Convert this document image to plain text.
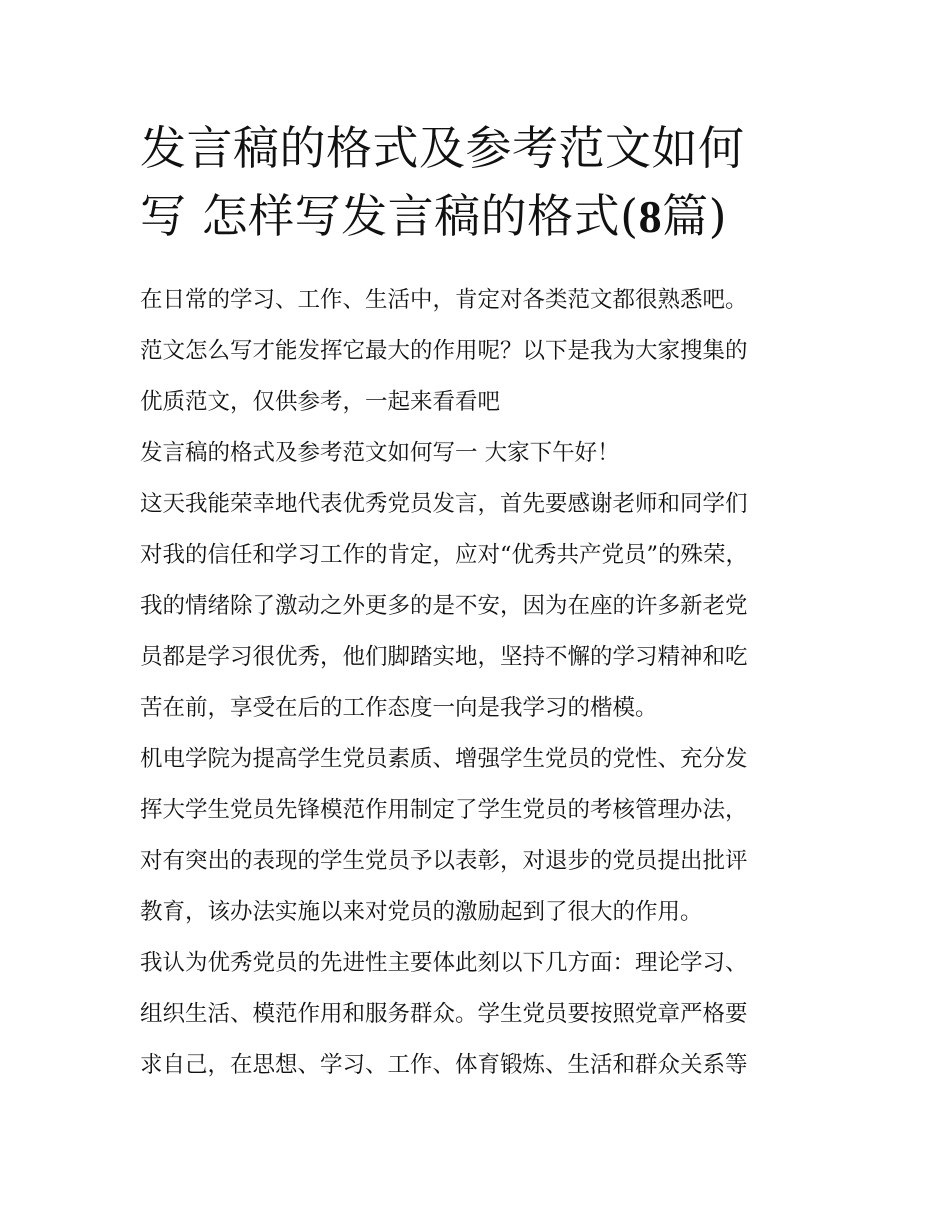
发言稿的格式及参考范文如何
写 怎样写发言稿的格式(8篇)
在日常的学习、工作、生活中，肯定对各类范文都很熟悉吧。
范文怎么写才能发挥它最大的作用呢？以下是我为大家搜集的
优质范文，仅供参考，一起来看看吧
发言稿的格式及参考范文如何写一 大家下午好！
这天我能荣幸地代表优秀党员发言，首先要感谢老师和同学们
对我的信任和学习工作的肯定，应对“优秀共产党员”的殊荣，
我的情绪除了激动之外更多的是不安，因为在座的许多新老党
员都是学习很优秀，他们脚踏实地，坚持不懈的学习精神和吃
苦在前，享受在后的工作态度一向是我学习的楷模。
机电学院为提高学生党员素质、增强学生党员的党性、充分发
挥大学生党员先锋模范作用制定了学生党员的考核管理办法，
对有突出的表现的学生党员予以表彰，对退步的党员提出批评
教育，该办法实施以来对党员的激励起到了很大的作用。
我认为优秀党员的先进性主要体此刻以下几方面：理论学习、
组织生活、模范作用和服务群众。学生党员要按照党章严格要
求自己，在思想、学习、工作、体育锻炼、生活和群众关系等
